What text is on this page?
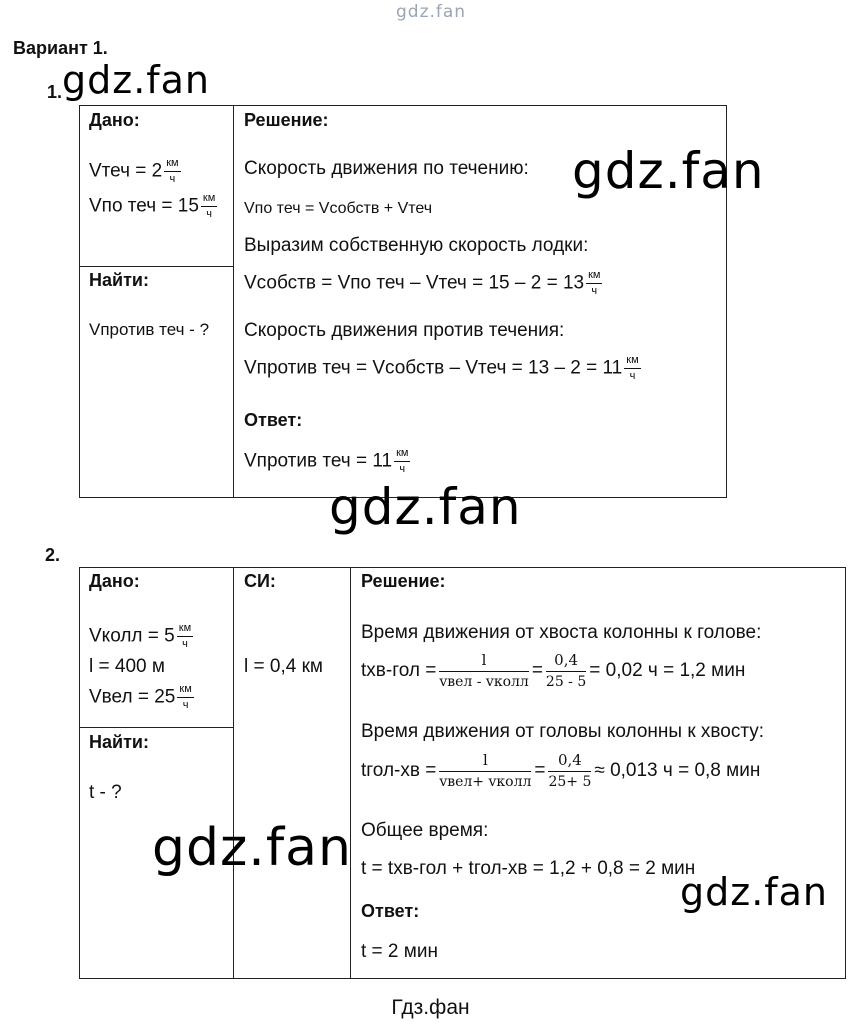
gdz.fan
Вариант 1.
1. gdz.fan
Дано:
Vтеч = $2 \frac{км}{ч}$
Vпо теч = $15 \frac{км}{ч}$
Найти:
Vпротив теч - ?
Решение:
Скорость движения по течению:
Vпо теч = Vсобств + Vтеч
Выразим собственную скорость лодки:
Vсобств = Vпо теч – Vтеч = $15 - 2 = 13 \frac{км}{ч}$
Скорость движения против течения:
Vпротив теч = Vсобств – Vтеч = $13 - 2 = 11 \frac{км}{ч}$
Ответ:
Vпротив теч = $11 \frac{км}{ч}$
gdz.fan
gdz.fan
2.
Дано:
Vколл = $5 \frac{км}{ч}$
l = 400 м
Vвел = $25 \frac{км}{ч}$
Найти:
t - ?
СИ:
l = 0,4 км
Решение:
Время движения от хвоста колонны к голове:
tхв-гол =
l
vвел - vколл
= $\frac{0,4}{25 - 5} = 0,02$ ч = 1,2 мин
Время движения от головы колонны к хвосту:
tгол-хв =
l
vвел+ vколл
= $\frac{0,4}{25+ 5} \approx 0,013$ ч = 0,8 мин
Общее время:
t = tхв-гол + tгол-хв = 1,2 + 0,8 = 2 мин
Ответ:
t = 2 мин
gdz.fan
gdz.fan
Гдз.фан
